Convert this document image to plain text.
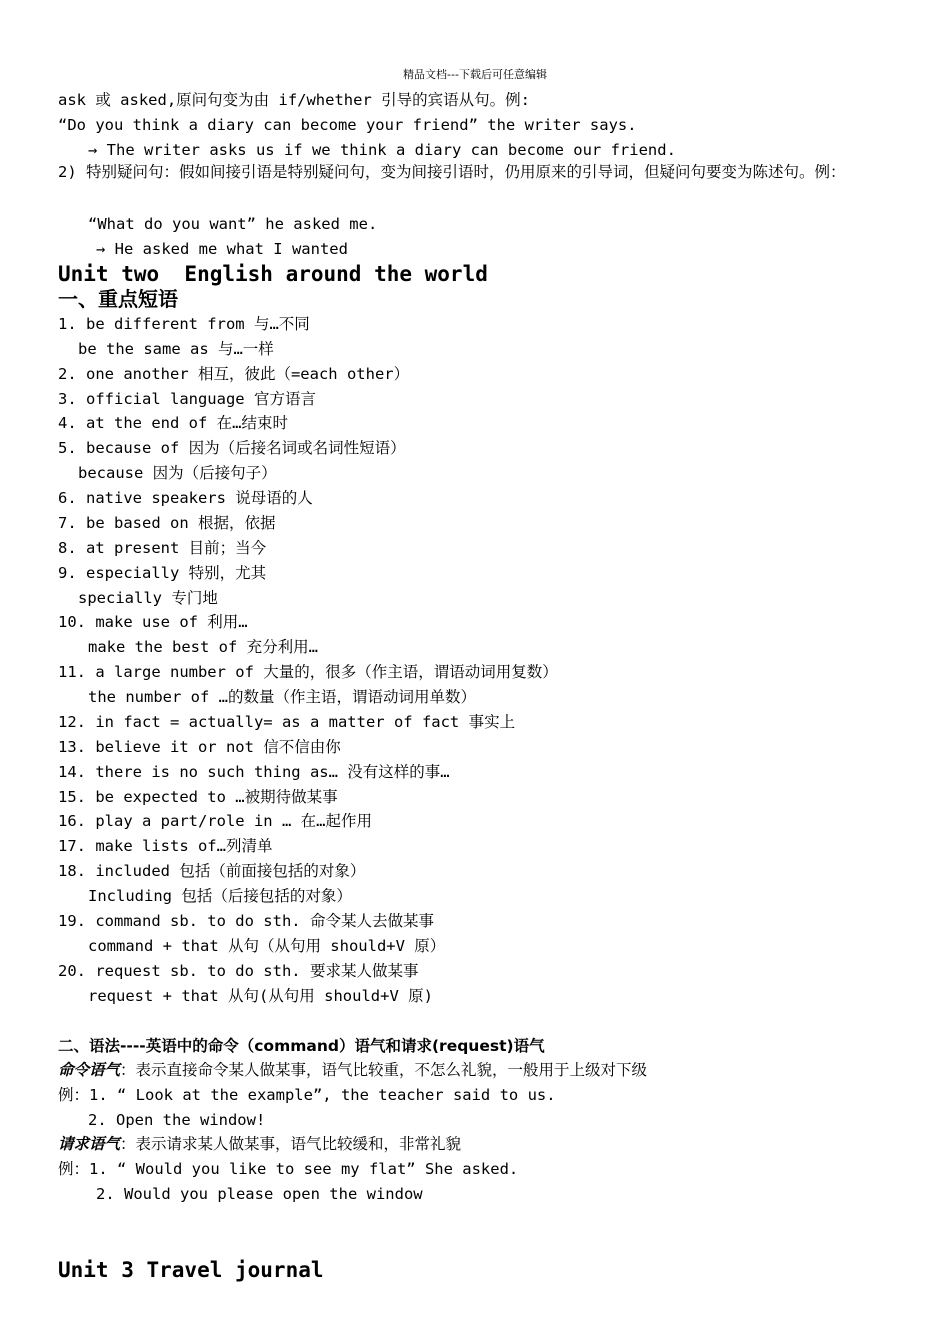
精品文档---下载后可任意编辑
ask 或 asked,原问句变为由 if/whether 引导的宾语从句。例:
“Do you think a diary can become your friend” the writer says.
→ The writer asks us if we think a diary can become our friend.
2) 特别疑问句：假如间接引语是特别疑问句，变为间接引语时，仍用原来的引导词，但疑问句要变为陈述句。例：
“What do you want” he asked me.
→ He asked me what I wanted
Unit two  English around the world
一、重点短语
1. be different from 与…不同
be the same as 与…一样
2. one another 相互，彼此（=each other）
3. official language 官方语言
4. at the end of 在…结束时
5. because of 因为（后接名词或名词性短语）
because 因为（后接句子）
6. native speakers 说母语的人
7. be based on 根据，依据
8. at present 目前；当今
9. especially 特别，尤其
specially 专门地
10. make use of 利用…
make the best of 充分利用…
11. a large number of 大量的，很多（作主语，谓语动词用复数）
the number of …的数量（作主语，谓语动词用单数）
12. in fact = actually= as a matter of fact 事实上
13. believe it or not 信不信由你
14. there is no such thing as… 没有这样的事…
15. be expected to …被期待做某事
16. play a part/role in … 在…起作用
17. make lists of…列清单
18. included 包括（前面接包括的对象）
Including 包括（后接包括的对象）
19. command sb. to do sth. 命令某人去做某事
command + that 从句（从句用 should+V 原）
20. request sb. to do sth. 要求某人做某事
request + that 从句(从句用 should+V 原)
二、语法----英语中的命令（command）语气和请求(request)语气
命令语气：表示直接命令某人做某事，语气比较重，不怎么礼貌，一般用于上级对下级
例：1. “ Look at the example”, the teacher said to us.
2. Open the window!
请求语气：表示请求某人做某事，语气比较缓和，非常礼貌
例：1. “ Would you like to see my flat” She asked.
2. Would you please open the window
Unit 3 Travel journal
